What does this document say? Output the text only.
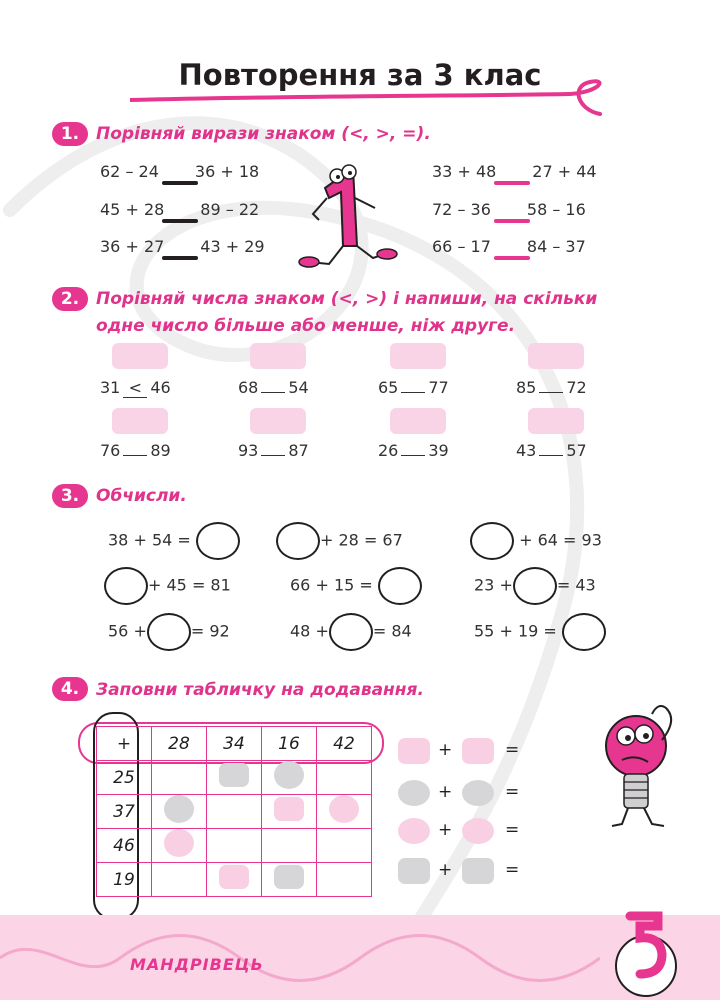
Повторення за 3 клас
1. Порівняй вирази знаком (<, >, =).
62 – 24 36 + 18
45 + 28 89 – 22
36 + 27 43 + 29
33 + 48 27 + 44
72 – 36 58 – 16
66 – 17 84 – 37
2. Порівняй числа знаком (<, >) і напиши, на скільки
одне число більше або менше, ніж друге.
31 < 46	68 54	65 77	85 72
76 89	93 87	26 39	43 57
3. Обчисли.
38 + 54 =	+ 28 = 67	+ 64 = 93
+ 45 = 81	66 + 15 =	23 +	= 43
56 +	= 92	48 +	= 84	55 + 19 =
4. Заповни табличку на додавання.
+	28	34	16	42
25				
37				
46				
19				
+	=
+	=
+	=
+	=
МАНДРІВЕЦЬ
